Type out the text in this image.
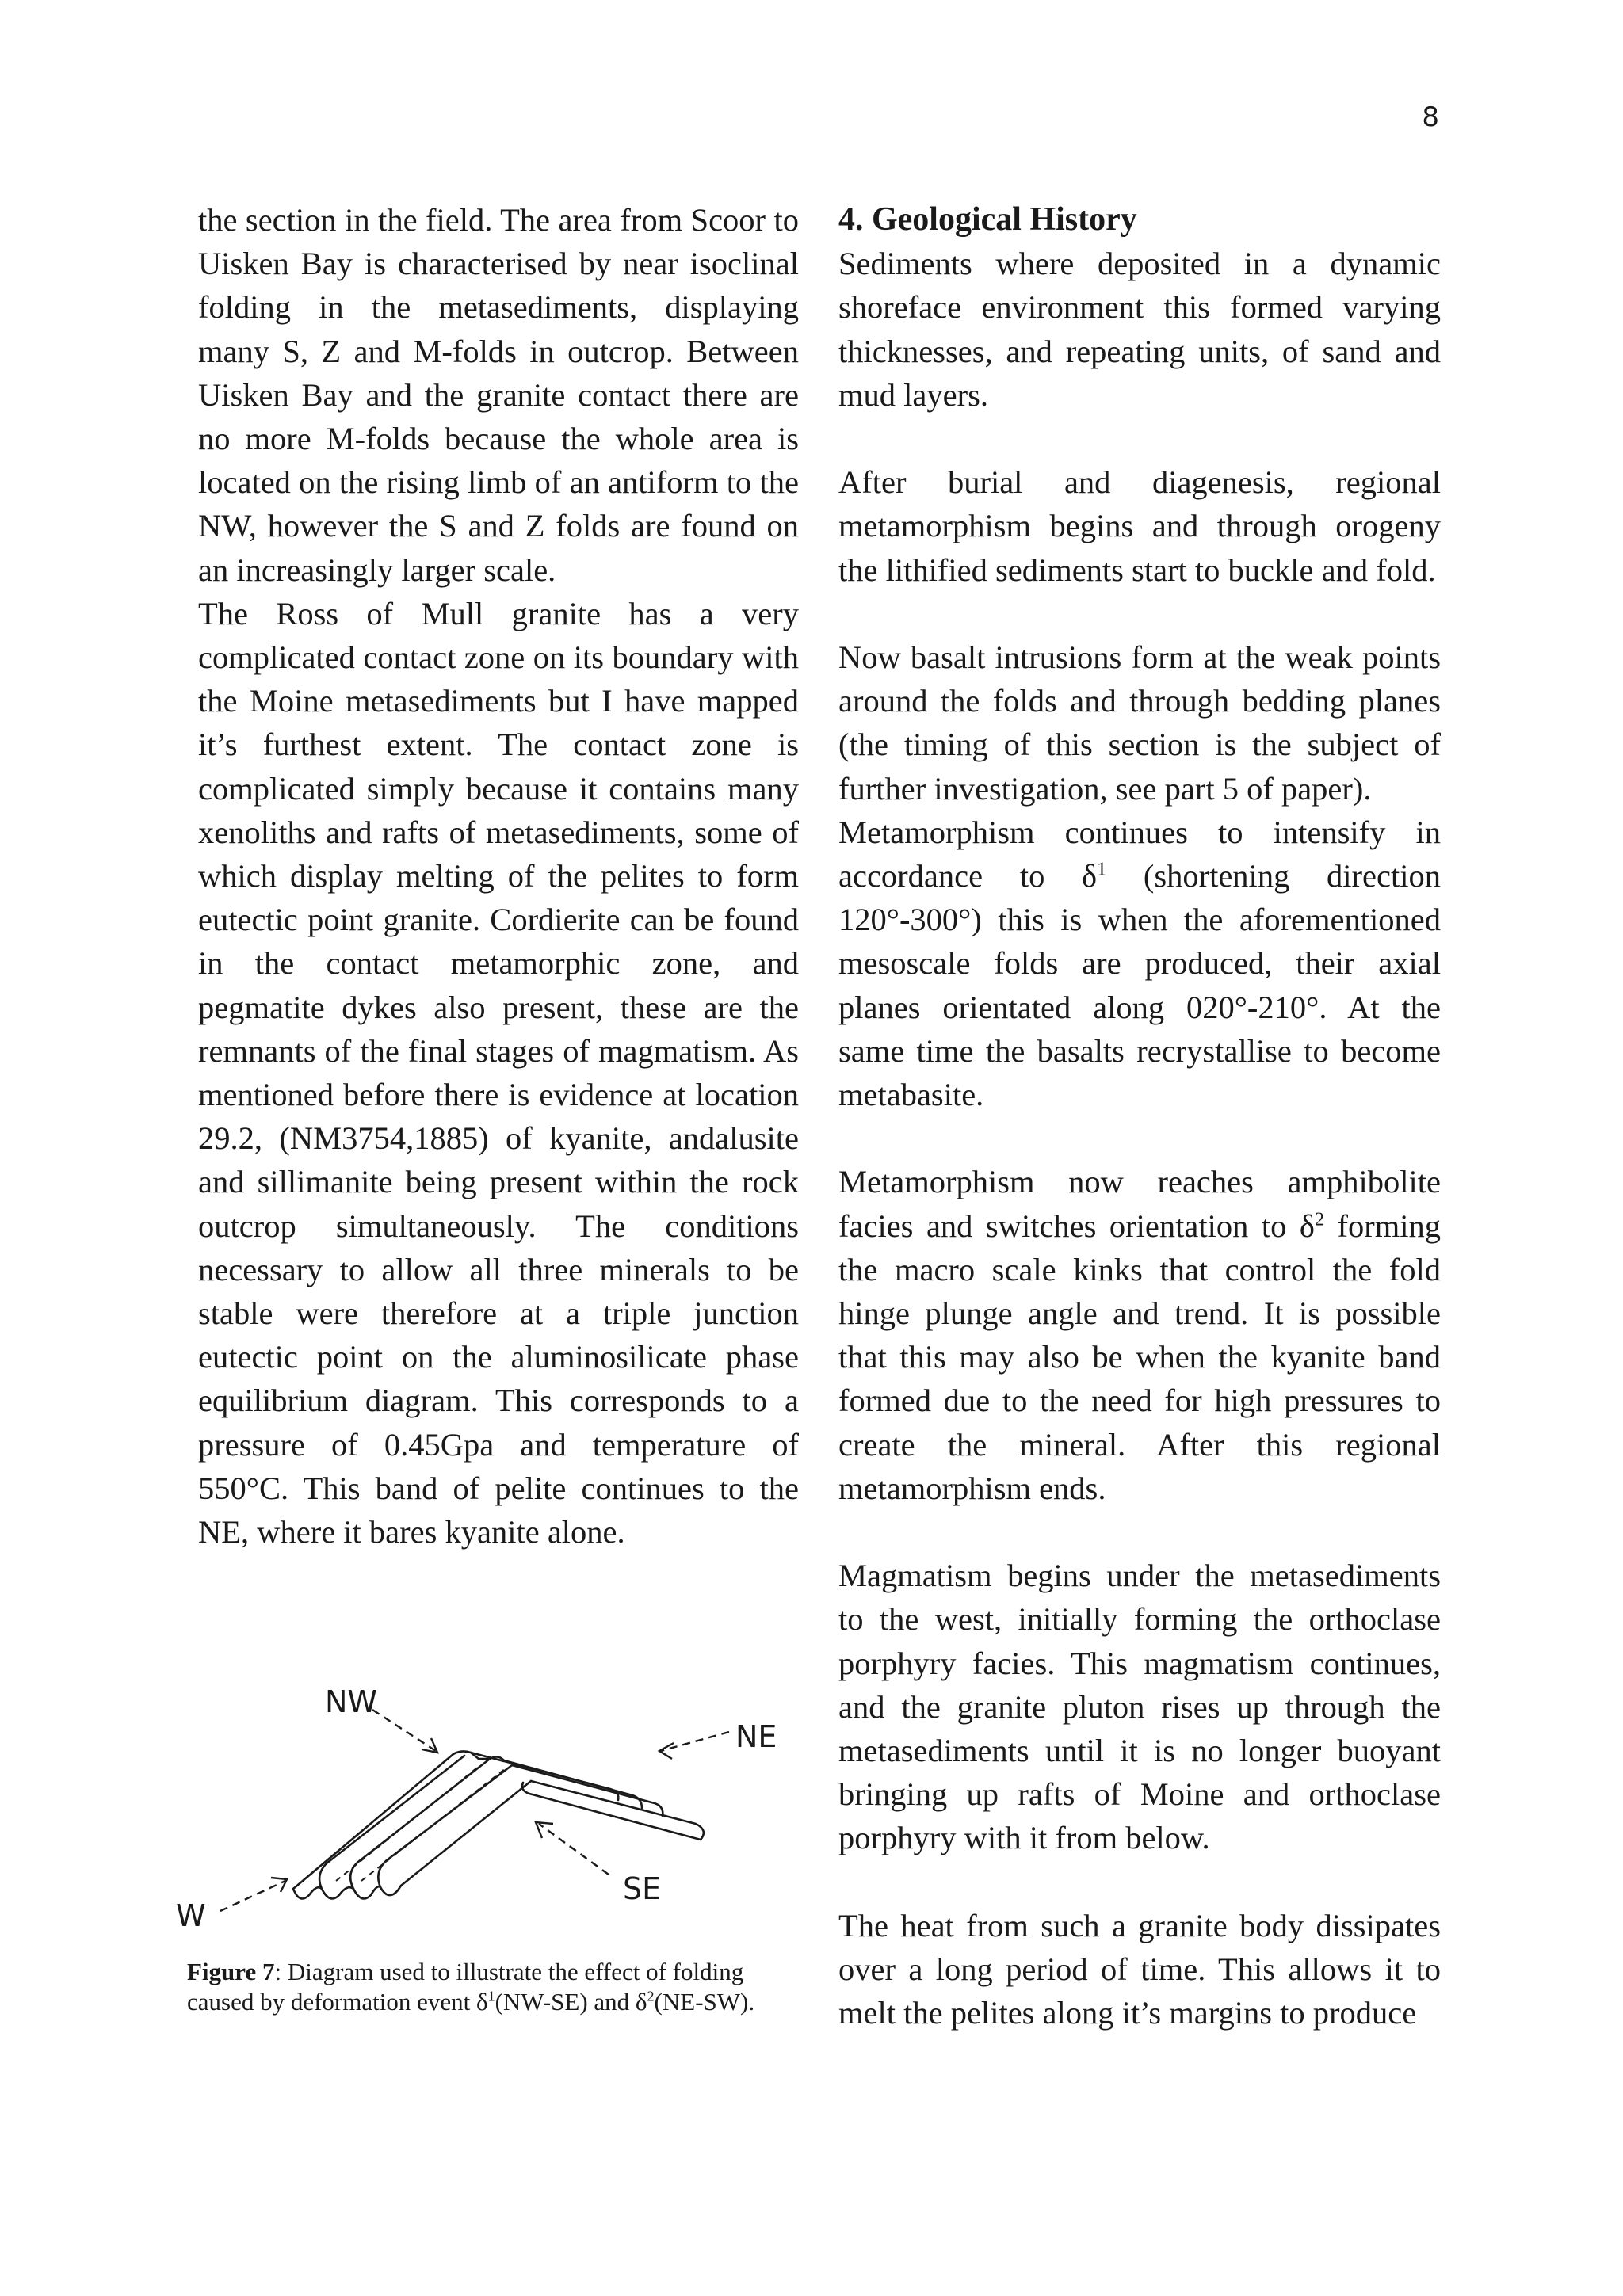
8

the section in the field. The area from Scoor to Uisken Bay is characterised by near isoclinal folding in the metasediments, displaying many S, Z and M-folds in outcrop. Between Uisken Bay and the granite contact there are no more M-folds because the whole area is located on the rising limb of an antiform to the NW, however the S and Z folds are found on an increasingly larger scale.

The Ross of Mull granite has a very complicated contact zone on its boundary with the Moine metasediments but I have mapped it’s furthest extent. The contact zone is complicated simply because it contains many xenoliths and rafts of metasediments, some of which display melting of the pelites to form eutectic point granite. Cordierite can be found in the contact metamorphic zone, and pegmatite dykes also present, these are the remnants of the final stages of magmatism. As mentioned before there is evidence at location 29.2, (NM3754,1885) of kyanite, andalusite and sillimanite being present within the rock outcrop simultaneously. The conditions necessary to allow all three minerals to be stable were therefore at a triple junction eutectic point on the aluminosilicate phase equilibrium diagram. This corresponds to a pressure of 0.45Gpa and temperature of 550°C. This band of pelite continues to the NE, where it bares kyanite alone.

NW
NE
SE
W
Figure 7: Diagram used to illustrate the effect of folding caused by deformation event $\delta^1(NW-SE)$ and $\delta^2(NE-SW)$.

4. Geological History

Sediments where deposited in a dynamic shoreface environment this formed varying thicknesses, and repeating units, of sand and mud layers.

After burial and diagenesis, regional metamorphism begins and through orogeny the lithified sediments start to buckle and fold.

Now basalt intrusions form at the weak points around the folds and through bedding planes (the timing of this section is the subject of further investigation, see part 5 of paper).

Metamorphism continues to intensify in accordance to $\delta^1$ (shortening direction 120°-300°) this is when the aforementioned mesoscale folds are produced, their axial planes orientated along 020°-210°. At the same time the basalts recrystallise to become metabasite.

Metamorphism now reaches amphibolite facies and switches orientation to $\delta^2$ forming the macro scale kinks that control the fold hinge plunge angle and trend. It is possible that this may also be when the kyanite band formed due to the need for high pressures to create the mineral. After this regional metamorphism ends.

Magmatism begins under the metasediments to the west, initially forming the orthoclase porphyry facies. This magmatism continues, and the granite pluton rises up through the metasediments until it is no longer buoyant bringing up rafts of Moine and orthoclase porphyry with it from below.

The heat from such a granite body dissipates over a long period of time. This allows it to melt the pelites along it’s margins to produce
